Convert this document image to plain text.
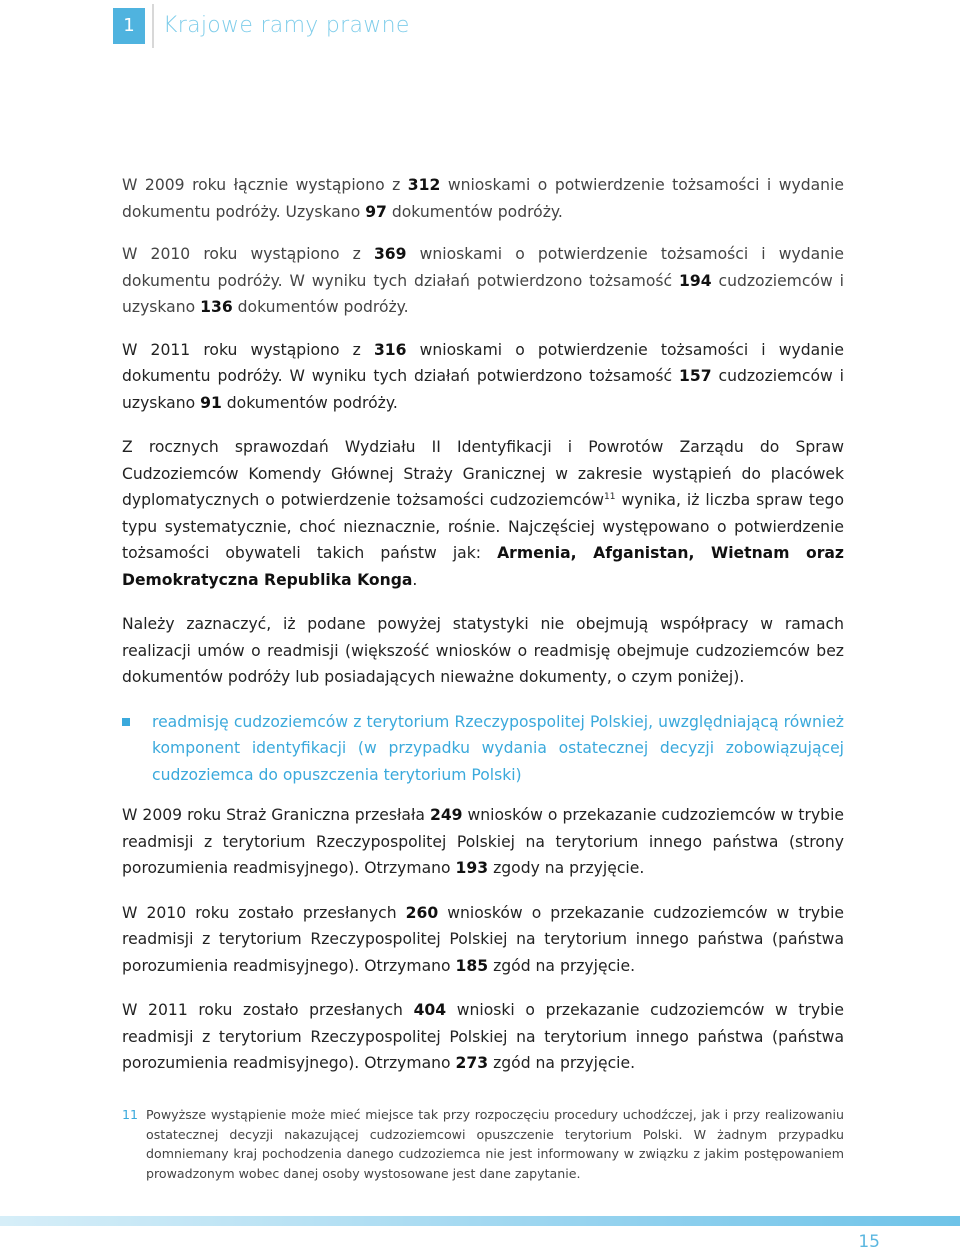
1	Krajowe ramy prawne

W 2009 roku łącznie wystąpiono z 312 wnioskami o potwierdzenie tożsamości i wydanie dokumentu podróży. Uzyskano 97 dokumentów podróży.

W 2010 roku wystąpiono z 369 wnioskami o potwierdzenie tożsamości i wydanie dokumentu podróży. W wyniku tych działań potwierdzono tożsamość 194 cudzoziemców i uzyskano 136 dokumentów podróży.

W 2011 roku wystąpiono z 316 wnioskami o potwierdzenie tożsamości i wydanie dokumentu podróży. W wyniku tych działań potwierdzono tożsamość 157 cudzoziemców i uzyskano 91 dokumentów podróży.

Z rocznych sprawozdań Wydziału II Identyfikacji i Powrotów Zarządu do Spraw Cudzoziemców Komendy Głównej Straży Granicznej w zakresie wystąpień do placówek dyplomatycznych o potwierdzenie tożsamości cudzoziemców$^{11}$ wynika, iż liczba spraw tego typu systematycznie, choć nieznacznie, rośnie. Najczęściej występowano o potwierdzenie tożsamości obywateli takich państw jak: Armenia, Afganistan, Wietnam oraz Demokratyczna Republika Konga.

Należy zaznaczyć, iż podane powyżej statystyki nie obejmują współpracy w ramach realizacji umów o readmisji (większość wniosków o readmisję obejmuje cudzoziemców bez dokumentów podróży lub posiadających nieważne dokumenty, o czym poniżej).

readmisję cudzoziemców z terytorium Rzeczypospolitej Polskiej, uwzględniającą również komponent identyfikacji (w przypadku wydania ostatecznej decyzji zobowiązującej cudzoziemca do opuszczenia terytorium Polski)

W 2009 roku Straż Graniczna przesłała 249 wniosków o przekazanie cudzoziemców w trybie readmisji z terytorium Rzeczypospolitej Polskiej na terytorium innego państwa (strony porozumienia readmisyjnego). Otrzymano 193 zgody na przyjęcie.

W 2010 roku zostało przesłanych 260 wniosków o przekazanie cudzoziemców w trybie readmisji z terytorium Rzeczypospolitej Polskiej na terytorium innego państwa (państwa porozumienia readmisyjnego). Otrzymano 185 zgód na przyjęcie.

W 2011 roku zostało przesłanych 404 wnioski o przekazanie cudzoziemców w trybie readmisji z terytorium Rzeczypospolitej Polskiej na terytorium innego państwa (państwa porozumienia readmisyjnego). Otrzymano 273 zgód na przyjęcie.

11 Powyższe wystąpienie może mieć miejsce tak przy rozpoczęciu procedury uchodźczej, jak i przy realizowaniu ostatecznej decyzji nakazującej cudzoziemcowi opuszczenie terytorium Polski. W żadnym przypadku domniemany kraj pochodzenia danego cudzoziemca nie jest informowany w związku z jakim postępowaniem prowadzonym wobec danej osoby wystosowane jest dane zapytanie.
15
